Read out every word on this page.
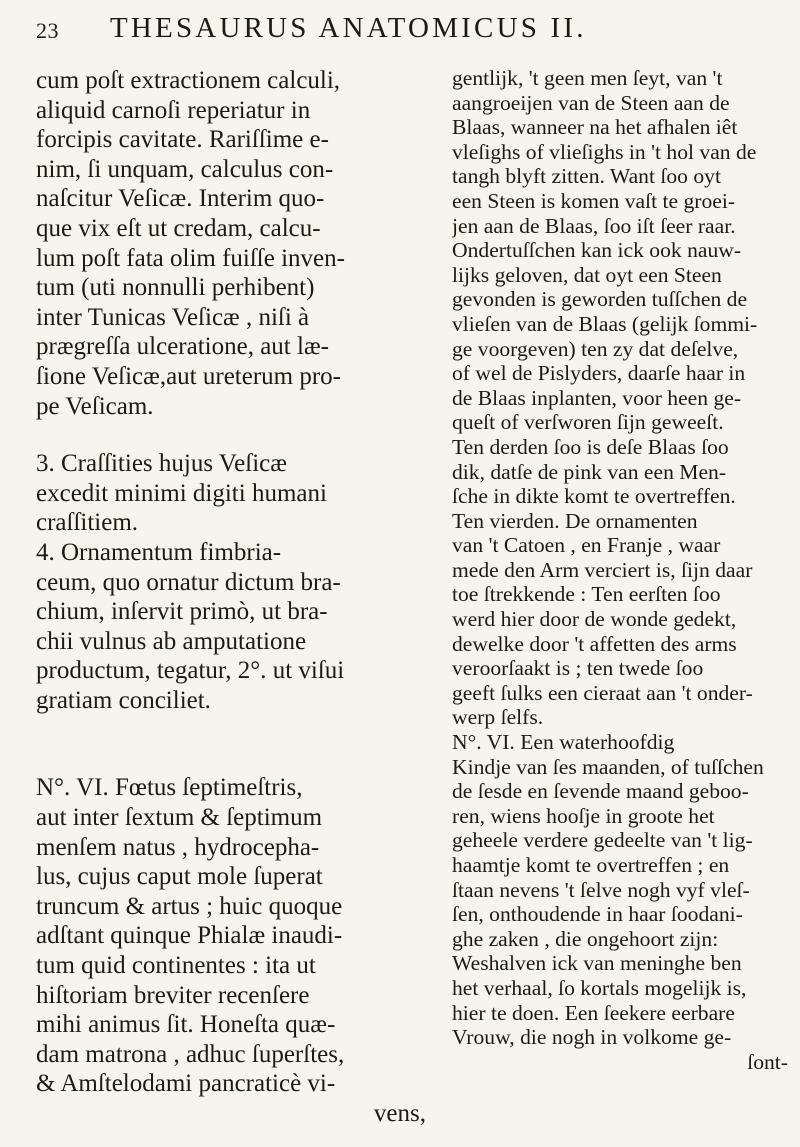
23 THESAURUS ANATOMICUS II.
cum poſt extractionem calculi,
aliquid carnoſi reperiatur in
forcipis cavitate. Rariſſime e-
nim, ſi unquam, calculus con-
naſcitur Veſicæ. Interim quo-
que vix eſt ut credam, calcu-
lum poſt fata olim fuiſſe inven-
tum (uti nonnulli perhibent)
inter Tunicas Veſicæ , niſi à
prægreſſa ulceratione, aut læ-
ſione Veſicæ,aut ureterum pro-
pe Veſicam.
3. Craſſities hujus Veſicæ
excedit minimi digiti humani
craſſitiem.
4. Ornamentum fimbria-
ceum, quo ornatur dictum bra-
chium, inſervit primò, ut bra-
chii vulnus ab amputatione
productum, tegatur, 2°. ut viſui
gratiam conciliet.
N°. VI. Fœtus ſeptimeſtris,
aut inter ſextum & ſeptimum
menſem natus , hydrocepha-
lus, cujus caput mole ſuperat
truncum & artus ; huic quoque
adſtant quinque Phialæ inaudi-
tum quid continentes : ita ut
hiſtoriam breviter recenſere
mihi animus ſit. Honeſta quæ-
dam matrona , adhuc ſuperſtes,
& Amſtelodami pancraticè vi-
vens,
gentlijk, 't geen men ſeyt, van 't
aangroeijen van de Steen aan de
Blaas, wanneer na het afhalen iêt
vleſighs of vlieſighs in 't hol van de
tangh blyft zitten. Want ſoo oyt
een Steen is komen vaſt te groei-
jen aan de Blaas, ſoo iſt ſeer raar.
Ondertuſſchen kan ick ook nauw-
lijks geloven, dat oyt een Steen
gevonden is geworden tuſſchen de
vlieſen van de Blaas (gelijk ſommi-
ge voorgeven) ten zy dat deſelve,
of wel de Pislyders, daarſe haar in
de Blaas inplanten, voor heen ge-
queſt of verſworen ſijn geweeſt.
Ten derden ſoo is deſe Blaas ſoo
dik, datſe de pink van een Men-
ſche in dikte komt te overtreffen.
Ten vierden. De ornamenten
van 't Catoen , en Franje , waar
mede den Arm verciert is, ſijn daar
toe ſtrekkende : Ten eerſten ſoo
werd hier door de wonde gedekt,
dewelke door 't affetten des arms
veroorſaakt is ; ten twede ſoo
geeft ſulks een cieraat aan 't onder-
werp ſelfs.
N°. VI. Een waterhoofdig
Kindje van ſes maanden, of tuſſchen
de ſesde en ſevende maand geboo-
ren, wiens hooſje in groote het
geheele verdere gedeelte van 't lig-
haamtje komt te overtreffen ; en
ſtaan nevens 't ſelve nogh vyf vleſ-
ſen, onthoudende in haar ſoodani-
ghe zaken , die ongehoort zijn:
Weshalven ick van meninghe ben
het verhaal, ſo kortals mogelijk is,
hier te doen. Een ſeekere eerbare
Vrouw, die nogh in volkome ge-
ſont-
